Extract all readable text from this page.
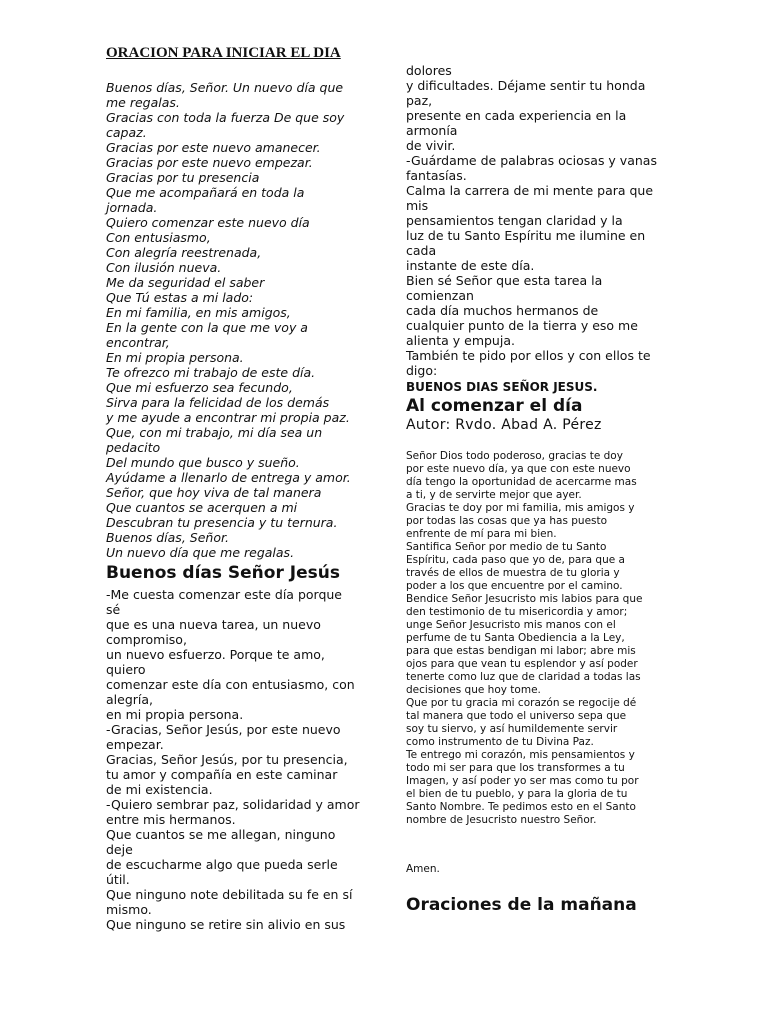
ORACION PARA INICIAR EL DIA
Buenos días, Señor. Un nuevo día que
me regalas.
Gracias con toda la fuerza De que soy
capaz.
Gracias por este nuevo amanecer.
Gracias por este nuevo empezar.
Gracias por tu presencia
Que me acompañará en toda la
jornada.
Quiero comenzar este nuevo día
Con entusiasmo,
Con alegría reestrenada,
Con ilusión nueva.
Me da seguridad el saber
Que Tú estas a mi lado:
En mi familia, en mis amigos,
En la gente con la que me voy a
encontrar,
En mi propia persona.
Te ofrezco mi trabajo de este día.
Que mi esfuerzo sea fecundo,
Sirva para la felicidad de los demás
y me ayude a encontrar mi propia paz.
Que, con mi trabajo, mi día sea un
pedacito
Del mundo que busco y sueño.
Ayúdame a llenarlo de entrega y amor.
Señor, que hoy viva de tal manera
Que cuantos se acerquen a mi
Descubran tu presencia y tu ternura.
Buenos días, Señor.
Un nuevo día que me regalas.
Buenos días Señor Jesús
-Me cuesta comenzar este día porque
sé
que es una nueva tarea, un nuevo
compromiso,
un nuevo esfuerzo. Porque te amo,
quiero
comenzar este día con entusiasmo, con
alegría,
en mi propia persona.
-Gracias, Señor Jesús, por este nuevo
empezar.
Gracias, Señor Jesús, por tu presencia,
tu amor y compañía en este caminar
de mi existencia.
-Quiero sembrar paz, solidaridad y amor
entre mis hermanos.
Que cuantos se me allegan, ninguno
deje
de escucharme algo que pueda serle
útil.
Que ninguno note debilitada su fe en sí
mismo.
Que ninguno se retire sin alivio en sus
dolores
y dificultades. Déjame sentir tu honda
paz,
presente en cada experiencia en la
armonía
de vivir.
-Guárdame de palabras ociosas y vanas
fantasías.
Calma la carrera de mi mente para que
mis
pensamientos tengan claridad y la
luz de tu Santo Espíritu me ilumine en
cada
instante de este día.
Bien sé Señor que esta tarea la
comienzan
cada día muchos hermanos de
cualquier punto de la tierra y eso me
alienta y empuja.
También te pido por ellos y con ellos te
digo:
BUENOS DIAS SEÑOR JESUS.
Al comenzar el día
Autor: Rvdo. Abad A. Pérez
Señor Dios todo poderoso, gracias te doy
por este nuevo día, ya que con este nuevo
día tengo la oportunidad de acercarme mas
a ti, y de servirte mejor que ayer.
Gracias te doy por mi familia, mis amigos y
por todas las cosas que ya has puesto
enfrente de mí para mi bien.
Santifica Señor por medio de tu Santo
Espíritu, cada paso que yo de, para que a
través de ellos de muestra de tu gloria y
poder a los que encuentre por el camino.
Bendice Señor Jesucristo mis labios para que
den testimonio de tu misericordia y amor;
unge Señor Jesucristo mis manos con el
perfume de tu Santa Obediencia a la Ley,
para que estas bendigan mi labor; abre mis
ojos para que vean tu esplendor y así poder
tenerte como luz que de claridad a todas las
decisiones que hoy tome.
Que por tu gracia mi corazón se regocije dé
tal manera que todo el universo sepa que
soy tu siervo, y así humildemente servir
como instrumento de tu Divina Paz.
Te entrego mi corazón, mis pensamientos y
todo mi ser para que los transformes a tu
Imagen, y así poder yo ser mas como tu por
el bien de tu pueblo, y para la gloria de tu
Santo Nombre. Te pedimos esto en el Santo
nombre de Jesucristo nuestro Señor.
Amen.
Oraciones de la mañana
